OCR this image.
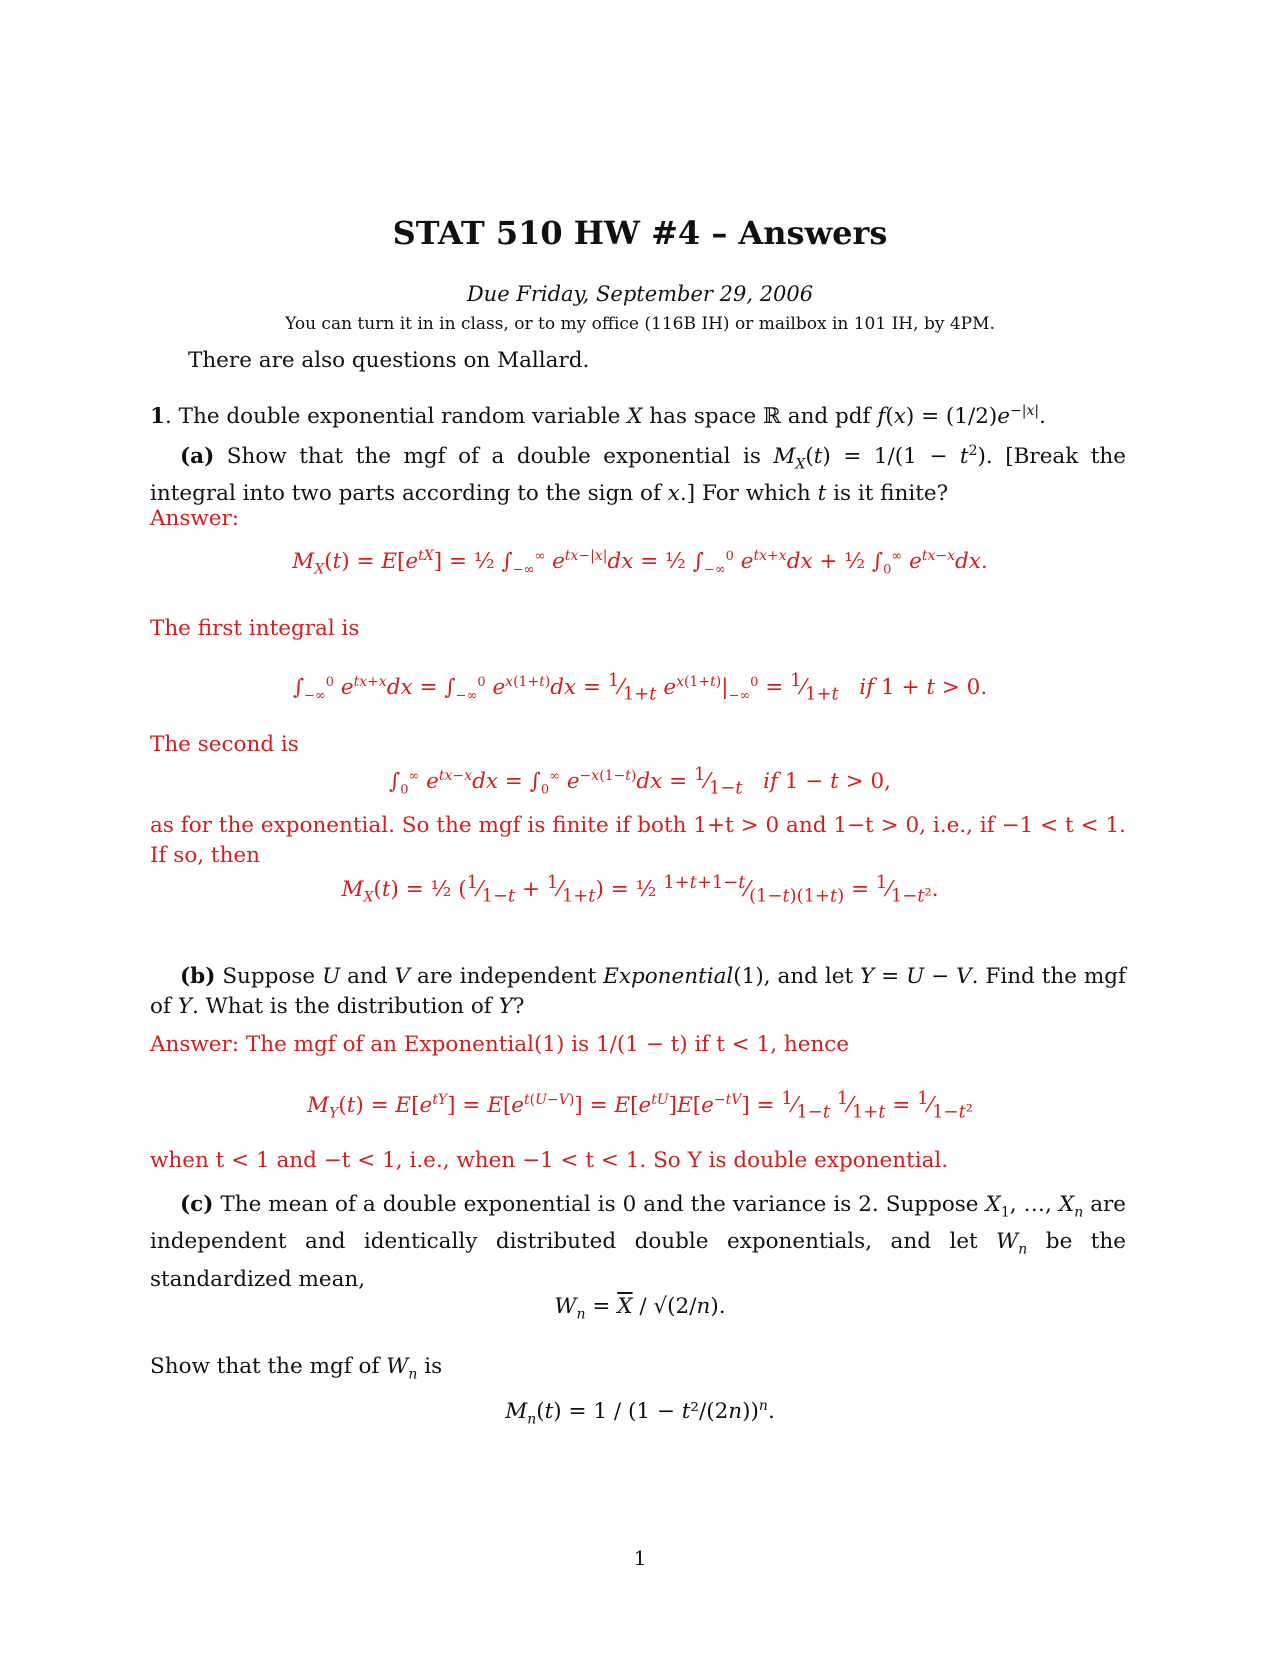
STAT 510 HW #4 – Answers
Due Friday, September 29, 2006
You can turn it in in class, or to my office (116B IH) or mailbox in 101 IH, by 4PM.
There are also questions on Mallard.
1. The double exponential random variable X has space ℝ and pdf $f(x) = (1/2)e^{-|x|}$.
(a) Show that the mgf of a double exponential is $M_X(t) = 1/(1 - t^2)$. [Break the integral into two parts according to the sign of x.] For which t is it finite?
Answer:
$M_X(t) = E[e^{tX}]$ = ½ $\int_{-\infty}^\infty$ $e^{tx-|x|}dx$ = ½ $\int_{-\infty}^0$ $e^{tx+x}dx$ + ½ $\int_0^\infty$ $e^{tx-x}dx$.
The first integral is
$\int_{-\infty}^0$ $e^{tx+x}dx = \int_{-\infty}^0$ $e^{x(1+t)}dx$ = $^1⁄_{1+t}$ $e^{x(1+t)}|_{-\infty}^0$ = $^1⁄_{1+t}$ if 1 + t > 0.
The second is
$\int_0^\infty$ $e^{tx-x}dx = \int_0^\infty$ $e^{-x(1-t)}dx$ = $^1⁄_{1-t}$ if 1 − t > 0,
as for the exponential. So the mgf is finite if both 1+t > 0 and 1−t > 0, i.e., if −1 < t < 1. If so, then
$M_X(t)$ = ½ ($^1⁄_{1-t}$ + $^1⁄_{1+t}$) = ½ $^{1+t+1-t}⁄_{(1-t)(1+t)}$ = $^1⁄_{1-t^2}$.
(b) Suppose U and V are independent Exponential(1), and let Y = U − V. Find the mgf of Y. What is the distribution of Y?
Answer: The mgf of an Exponential(1) is 1/(1 − t) if t < 1, hence
$M_Y(t) = E[e^{tY}] = E[e^{t(U-V)}] = E[e^{tU}]E[e^{-tV}]$ = $^1⁄_{1-t}$ $^1⁄_{1+t}$ = $^1⁄_{1-t^2}$
when t < 1 and −t < 1, i.e., when −1 < t < 1. So Y is double exponential.
(c) The mean of a double exponential is 0 and the variance is 2. Suppose $X_1$, …, $X_n$ are independent and identically distributed double exponentials, and let $W_n$ be the standardized mean,
$W_n = \overline{X} / √(2/n)$.
Show that the mgf of $W_n$ is
$M_n(t) = 1 / (1 - t^2/(2n))^n$.
1
